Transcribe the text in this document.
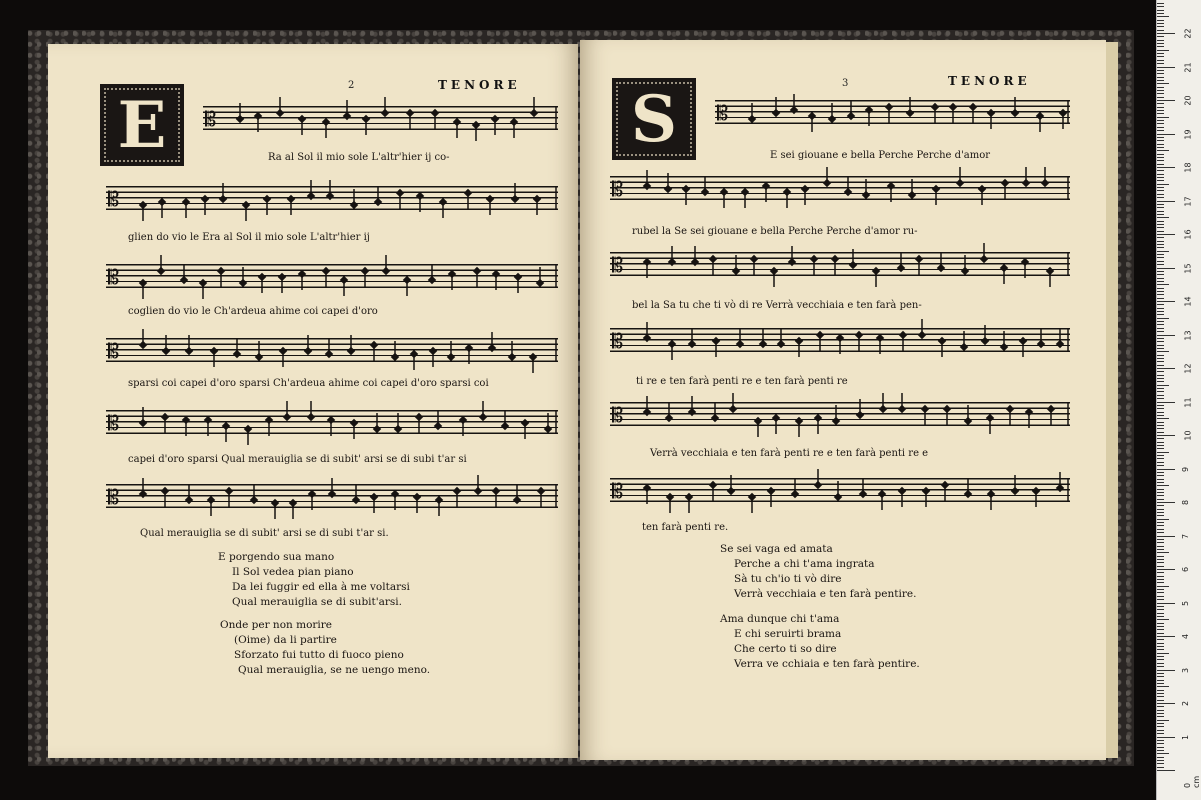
E
2	TENORE
𝄡
Ra al Sol il mio sole L'altr'hier ij co-
𝄡
glien do vio le Era al Sol il mio sole L'altr'hier ij
𝄡
coglien do vio le Ch'ardeua ahime coi capei d'oro
𝄡
sparsi coi capei d'oro sparsi Ch'ardeua ahime coi capei d'oro sparsi coi
𝄡
capei d'oro sparsi Qual merauiglia se di subit' arsi se di subi t'ar si
𝄡
Qual merauiglia se di subit' arsi se di subi t'ar si.
E porgendo sua mano
Il Sol vedea pian piano
Da lei fuggir ed ella à me voltarsi
Qual merauiglia se di subit'arsi.
Onde per non morire
(Oime) da li partire
Sforzato fui tutto di fuoco pieno
Qual merauiglia, se ne uengo meno.
S	3	TENORE
𝄡
E sei giouane e bella Perche Perche d'amor
𝄡
rubel la Se sei giouane e bella Perche Perche d'amor ru-
𝄡
bel la Sa tu che ti vò di re Verrà vecchiaia e ten farà pen-
𝄡
ti re e ten farà penti re e ten farà penti re
𝄡
Verrà vecchiaia e ten farà penti re e ten farà penti re e
𝄡
ten farà penti re.
Se sei vaga ed amata
Perche a chi t'ama ingrata
Sà tu ch'io ti vò dire
Verrà vecchiaia e ten farà pentire.
Ama dunque chi t'ama
E chi seruirti brama
Che certo ti so dire
Verra ve cchiaia e ten farà pentire.
0 cm
1
2
3
4
5
6
7
8
9
10
11
12
13
14
15
16
17
18
19
20
21
22
